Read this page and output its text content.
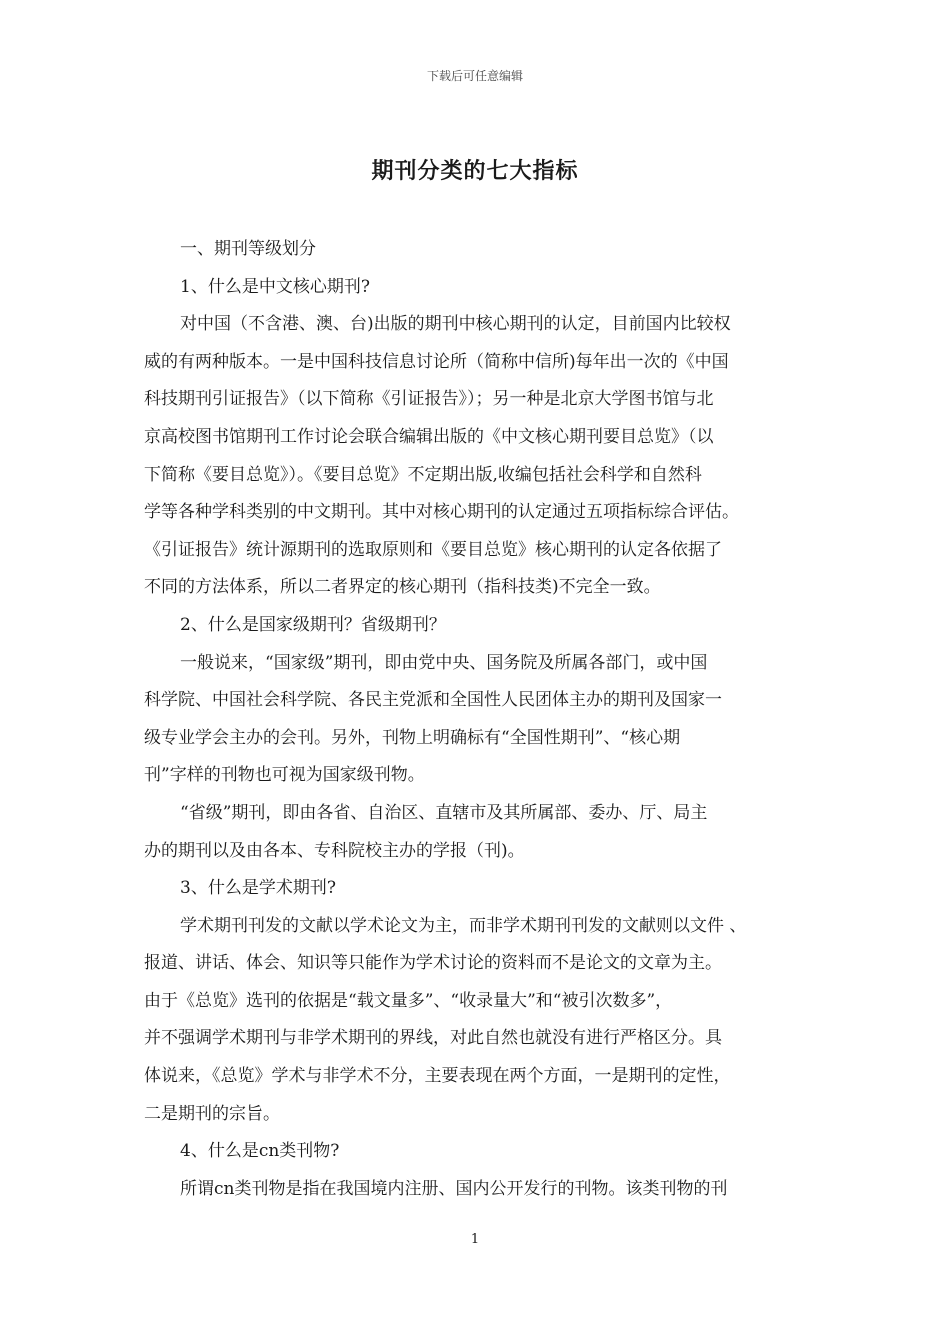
下载后可任意编辑
期刊分类的七大指标
一、期刊等级划分
1、什么是中文核心期刊?
对中国（不含港、澳、台)出版的期刊中核心期刊的认定，目前国内比较权
威的有两种版本。一是中国科技信息讨论所（简称中信所)每年出一次的《中国
科技期刊引证报告》（以下简称《引证报告》）；另一种是北京大学图书馆与北
京高校图书馆期刊工作讨论会联合编辑出版的《中文核心期刊要目总览》（以
下简称《要目总览》）。《要目总览》不定期出版,收编包括社会科学和自然科
学等各种学科类别的中文期刊。其中对核心期刊的认定通过五项指标综合评估。
《引证报告》统计源期刊的选取原则和《要目总览》核心期刊的认定各依据了
不同的方法体系，所以二者界定的核心期刊（指科技类)不完全一致。
2、什么是国家级期刊？省级期刊？
一般说来，“国家级”期刊，即由党中央、国务院及所属各部门，或中国
科学院、中国社会科学院、各民主党派和全国性人民团体主办的期刊及国家一
级专业学会主办的会刊。另外，刊物上明确标有“全国性期刊”、“核心期
刊”字样的刊物也可视为国家级刊物。
“省级”期刊，即由各省、自治区、直辖市及其所属部、委办、厅、局主
办的期刊以及由各本、专科院校主办的学报（刊)。
3、什么是学术期刊?
学术期刊刊发的文献以学术论文为主，而非学术期刊刊发的文献则以文件 、
报道、讲话、体会、知识等只能作为学术讨论的资料而不是论文的文章为主。
由于《总览》选刊的依据是“载文量多”、“收录量大”和“被引次数多”，
并不强调学术期刊与非学术期刊的界线，对此自然也就没有进行严格区分。具
体说来，《总览》学术与非学术不分，主要表现在两个方面，一是期刊的定性，
二是期刊的宗旨。
4、什么是cn类刊物?
所谓cn类刊物是指在我国境内注册、国内公开发行的刊物。该类刊物的刊
1
